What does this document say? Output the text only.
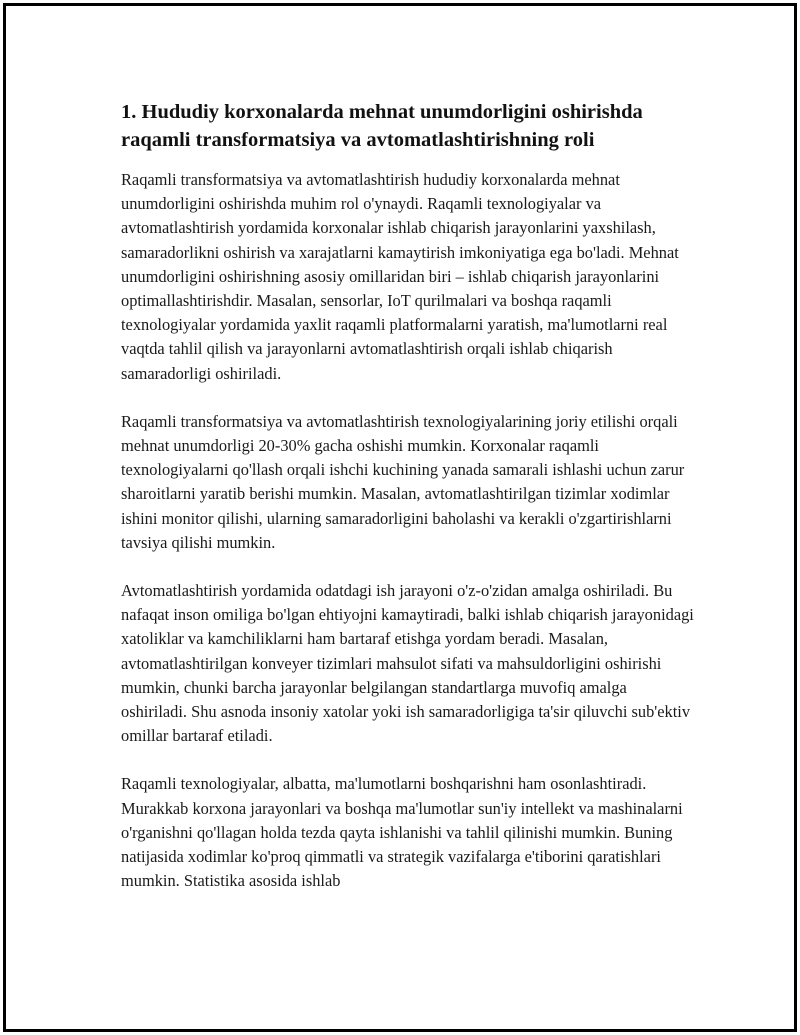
1. Hududiy korxonalarda mehnat unumdorligini oshirishda raqamli transformatsiya va avtomatlashtirishning roli

Raqamli transformatsiya va avtomatlashtirish hududiy korxonalarda mehnat unumdorligini oshirishda muhim rol o'ynaydi. Raqamli texnologiyalar va avtomatlashtirish yordamida korxonalar ishlab chiqarish jarayonlarini yaxshilash, samaradorlikni oshirish va xarajatlarni kamaytirish imkoniyatiga ega bo'ladi. Mehnat unumdorligini oshirishning asosiy omillaridan biri – ishlab chiqarish jarayonlarini optimallashtirishdir. Masalan, sensorlar, IoT qurilmalari va boshqa raqamli texnologiyalar yordamida yaxlit raqamli platformalarni yaratish, ma'lumotlarni real vaqtda tahlil qilish va jarayonlarni avtomatlashtirish orqali ishlab chiqarish samaradorligi oshiriladi.

Raqamli transformatsiya va avtomatlashtirish texnologiyalarining joriy etilishi orqali mehnat unumdorligi 20-30% gacha oshishi mumkin. Korxonalar raqamli texnologiyalarni qo'llash orqali ishchi kuchining yanada samarali ishlashi uchun zarur sharoitlarni yaratib berishi mumkin. Masalan, avtomatlashtirilgan tizimlar xodimlar ishini monitor qilishi, ularning samaradorligini baholashi va kerakli o'zgartirishlarni tavsiya qilishi mumkin.

Avtomatlashtirish yordamida odatdagi ish jarayoni o'z-o'zidan amalga oshiriladi. Bu nafaqat inson omiliga bo'lgan ehtiyojni kamaytiradi, balki ishlab chiqarish jarayonidagi xatoliklar va kamchiliklarni ham bartaraf etishga yordam beradi. Masalan, avtomatlashtirilgan konveyer tizimlari mahsulot sifati va mahsuldorligini oshirishi mumkin, chunki barcha jarayonlar belgilangan standartlarga muvofiq amalga oshiriladi. Shu asnoda insoniy xatolar yoki ish samaradorligiga ta'sir qiluvchi sub'ektiv omillar bartaraf etiladi.

Raqamli texnologiyalar, albatta, ma'lumotlarni boshqarishni ham osonlashtiradi. Murakkab korxona jarayonlari va boshqa ma'lumotlar sun'iy intellekt va mashinalarni o'rganishni qo'llagan holda tezda qayta ishlanishi va tahlil qilinishi mumkin. Buning natijasida xodimlar ko'proq qimmatli va strategik vazifalarga e'tiborini qaratishlari mumkin. Statistika asosida ishlab
